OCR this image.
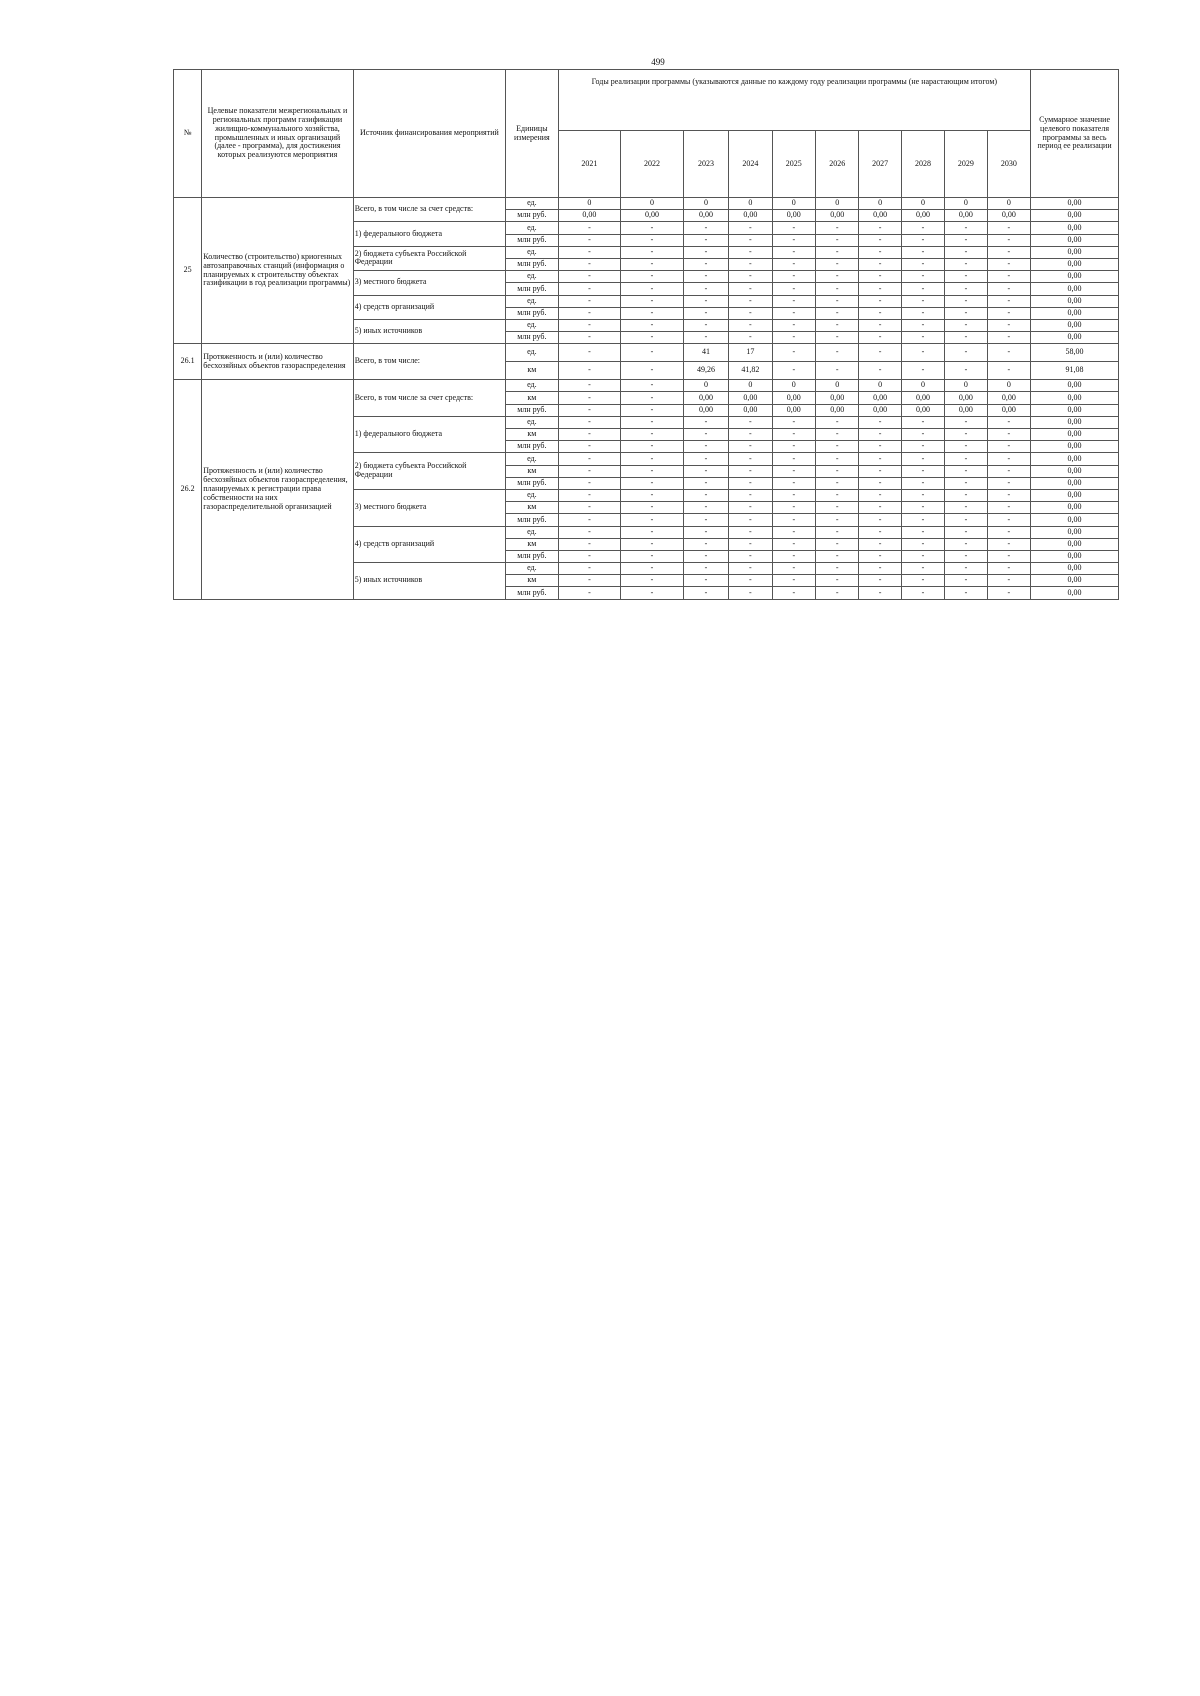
499
№	Целевые показатели межрегиональных и региональных программ газификации жилищно-коммунального хозяйства, промышленных и иных организаций (далее - программа), для достижения которых реализуются мероприятия	Источник финансирования мероприятий	Единицы измерения	Годы реализации программы (указываются данные по каждому году реализации программы (не нарастающим итогом)										Суммарное значение целевого показателя программы за весь период ее реализации
				2021	2022	2023	2024	2025	2026	2027	2028	2029	2030	
25	Количество (строительство) криогенных автозаправочных станций (информация о планируемых к строительству объектах газификации в год реализации программы)	Всего, в том числе за счет средств:	ед.	0	0	0	0	0	0	0	0	0	0	0,00
			млн руб.	0,00	0,00	0,00	0,00	0,00	0,00	0,00	0,00	0,00	0,00	0,00
		1) федерального бюджета	ед.	-	-	-	-	-	-	-	-	-	-	0,00
			млн руб.	-	-	-	-	-	-	-	-	-	-	0,00
		2) бюджета субъекта Российской Федерации	ед.	-	-	-	-	-	-	-	-	-	-	0,00
			млн руб.	-	-	-	-	-	-	-	-	-	-	0,00
		3) местного бюджета	ед.	-	-	-	-	-	-	-	-	-	-	0,00
			млн руб.	-	-	-	-	-	-	-	-	-	-	0,00
		4) средств организаций	ед.	-	-	-	-	-	-	-	-	-	-	0,00
			млн руб.	-	-	-	-	-	-	-	-	-	-	0,00
		5) иных источников	ед.	-	-	-	-	-	-	-	-	-	-	0,00
			млн руб.	-	-	-	-	-	-	-	-	-	-	0,00
26.1	Протяженность и (или) количество бесхозяйных объектов газораспределения	Всего, в том числе:	ед.	-	-	41	17	-	-	-	-	-	-	58,00
			км	-	-	49,26	41,82	-	-	-	-	-	-	91,08
26.2	Протяженность и (или) количество бесхозяйных объектов газораспределения, планируемых к регистрации права собственности на них газораспределительной организацией	Всего, в том числе за счет средств:	ед.	-	-	0	0	0	0	0	0	0	0	0,00
			км	-	-	0,00	0,00	0,00	0,00	0,00	0,00	0,00	0,00	0,00
			млн руб.	-	-	0,00	0,00	0,00	0,00	0,00	0,00	0,00	0,00	0,00
		1) федерального бюджета	ед.	-	-	-	-	-	-	-	-	-	-	0,00
			км	-	-	-	-	-	-	-	-	-	-	0,00
			млн руб.	-	-	-	-	-	-	-	-	-	-	0,00
		2) бюджета субъекта Российской Федерации	ед.	-	-	-	-	-	-	-	-	-	-	0,00
			км	-	-	-	-	-	-	-	-	-	-	0,00
			млн руб.	-	-	-	-	-	-	-	-	-	-	0,00
		3) местного бюджета	ед.	-	-	-	-	-	-	-	-	-	-	0,00
			км	-	-	-	-	-	-	-	-	-	-	0,00
			млн руб.	-	-	-	-	-	-	-	-	-	-	0,00
		4) средств организаций	ед.	-	-	-	-	-	-	-	-	-	-	0,00
			км	-	-	-	-	-	-	-	-	-	-	0,00
			млн руб.	-	-	-	-	-	-	-	-	-	-	0,00
		5) иных источников	ед.	-	-	-	-	-	-	-	-	-	-	0,00
			км	-	-	-	-	-	-	-	-	-	-	0,00
			млн руб.	-	-	-	-	-	-	-	-	-	-	0,00
